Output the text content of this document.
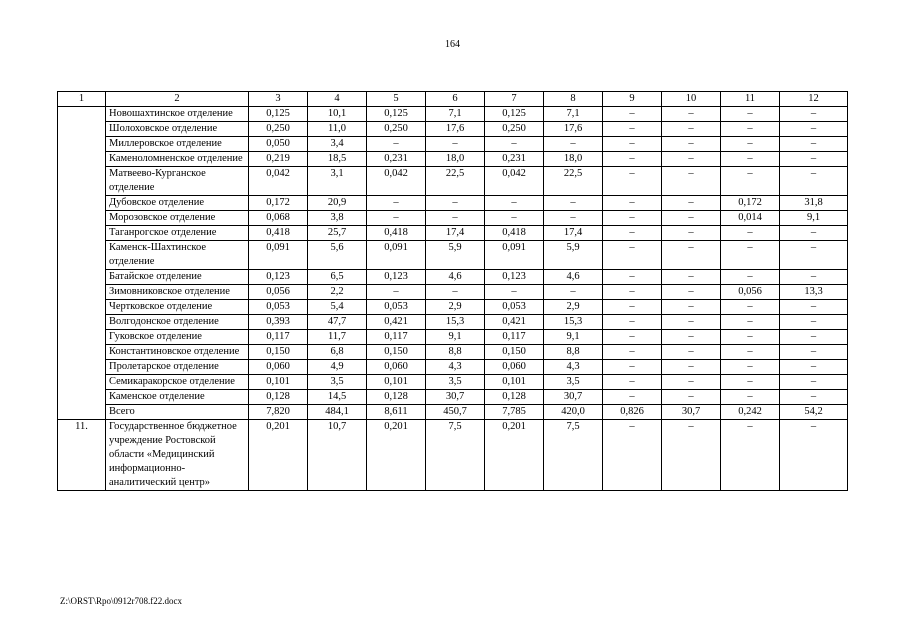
164
1	2	3	4	5	6	7	8	9	10	11	12
	Новошахтинское отделение	0,125	10,1	0,125	7,1	0,125	7,1	–	–	–	–
	Шолоховское отделение	0,250	11,0	0,250	17,6	0,250	17,6	–	–	–	–
	Миллеровское отделение	0,050	3,4	–	–	–	–	–	–	–	–
	Каменоломненское отделение	0,219	18,5	0,231	18,0	0,231	18,0	–	–	–	–
	Матвеево-Курганское отделение	0,042	3,1	0,042	22,5	0,042	22,5	–	–	–	–
	Дубовское отделение	0,172	20,9	–	–	–	–	–	–	0,172	31,8
	Морозовское отделение	0,068	3,8	–	–	–	–	–	–	0,014	9,1
	Таганрогское отделение	0,418	25,7	0,418	17,4	0,418	17,4	–	–	–	–
	Каменск-Шахтинское отделение	0,091	5,6	0,091	5,9	0,091	5,9	–	–	–	–
	Батайское отделение	0,123	6,5	0,123	4,6	0,123	4,6	–	–	–	–
	Зимовниковское отделение	0,056	2,2	–	–	–	–	–	–	0,056	13,3
	Чертковское отделение	0,053	5,4	0,053	2,9	0,053	2,9	–	–	–	–
	Волгодонское отделение	0,393	47,7	0,421	15,3	0,421	15,3	–	–	–	–
	Гуковское отделение	0,117	11,7	0,117	9,1	0,117	9,1	–	–	–	–
	Константиновское отделение	0,150	6,8	0,150	8,8	0,150	8,8	–	–	–	–
	Пролетарское отделение	0,060	4,9	0,060	4,3	0,060	4,3	–	–	–	–
	Семикаракорское отделение	0,101	3,5	0,101	3,5	0,101	3,5	–	–	–	–
	Каменское отделение	0,128	14,5	0,128	30,7	0,128	30,7	–	–	–	–
	Всего	7,820	484,1	8,611	450,7	7,785	420,0	0,826	30,7	0,242	54,2
11.	Государственное бюджетное учреждение Ростовской области «Медицинский информационно-аналитический центр»	0,201	10,7	0,201	7,5	0,201	7,5	–	–	–	–
Z:\ORST\Rpo\0912r708.f22.docx
